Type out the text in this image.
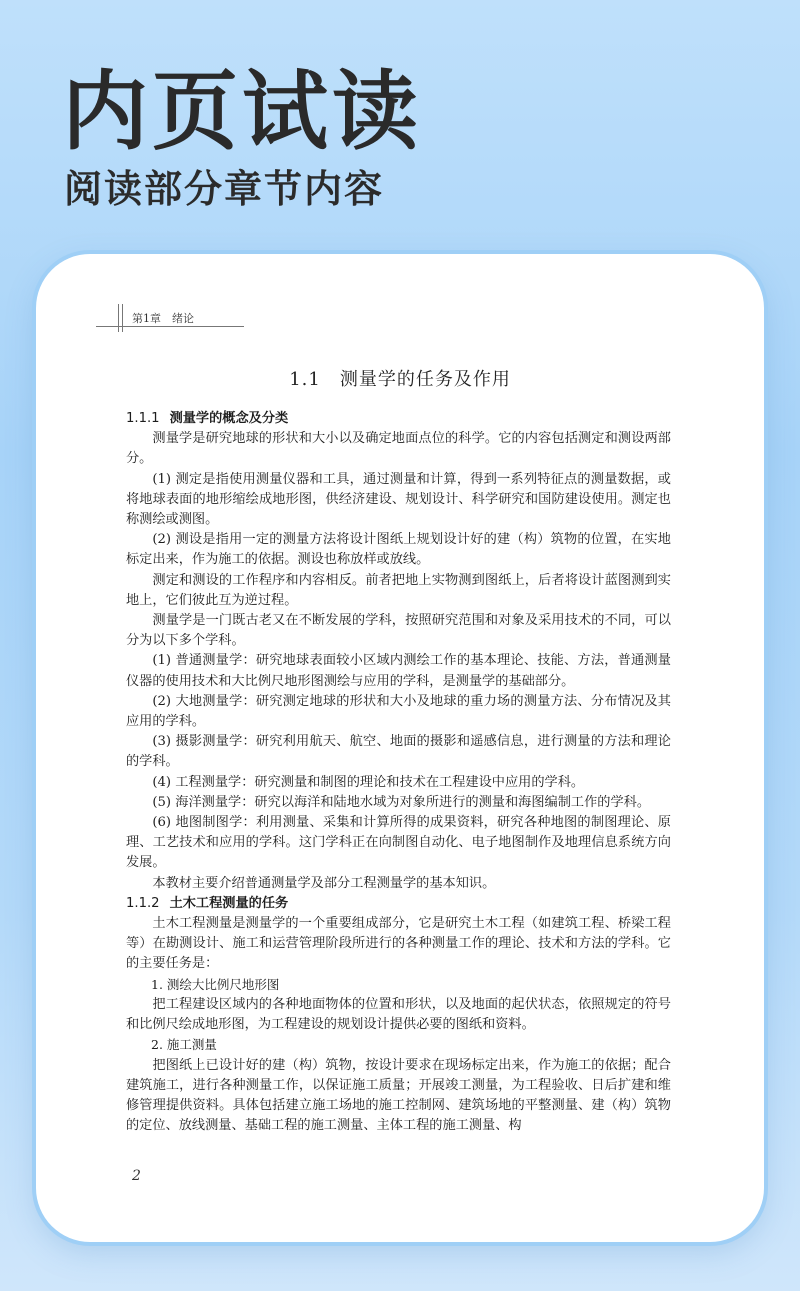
内页试读
阅读部分章节内容
第1章　绪论
1.1　测量学的任务及作用

1.1.1 测量学的概念及分类

测量学是研究地球的形状和大小以及确定地面点位的科学。它的内容包括测定和测设两部分。

(1) 测定是指使用测量仪器和工具，通过测量和计算，得到一系列特征点的测量数据，或将地球表面的地形缩绘成地形图，供经济建设、规划设计、科学研究和国防建设使用。测定也称测绘或测图。

(2) 测设是指用一定的测量方法将设计图纸上规划设计好的建（构）筑物的位置，在实地标定出来，作为施工的依据。测设也称放样或放线。

测定和测设的工作程序和内容相反。前者把地上实物测到图纸上，后者将设计蓝图测到实地上，它们彼此互为逆过程。

测量学是一门既古老又在不断发展的学科，按照研究范围和对象及采用技术的不同，可以分为以下多个学科。

(1) 普通测量学：研究地球表面较小区域内测绘工作的基本理论、技能、方法，普通测量仪器的使用技术和大比例尺地形图测绘与应用的学科，是测量学的基础部分。

(2) 大地测量学：研究测定地球的形状和大小及地球的重力场的测量方法、分布情况及其应用的学科。

(3) 摄影测量学：研究利用航天、航空、地面的摄影和遥感信息，进行测量的方法和理论的学科。

(4) 工程测量学：研究测量和制图的理论和技术在工程建设中应用的学科。

(5) 海洋测量学：研究以海洋和陆地水域为对象所进行的测量和海图编制工作的学科。

(6) 地图制图学：利用测量、采集和计算所得的成果资料，研究各种地图的制图理论、原理、工艺技术和应用的学科。这门学科正在向制图自动化、电子地图制作及地理信息系统方向发展。

本教材主要介绍普通测量学及部分工程测量学的基本知识。

1.1.2 土木工程测量的任务

土木工程测量是测量学的一个重要组成部分，它是研究土木工程（如建筑工程、桥梁工程等）在勘测设计、施工和运营管理阶段所进行的各种测量工作的理论、技术和方法的学科。它的主要任务是：

1. 测绘大比例尺地形图

把工程建设区域内的各种地面物体的位置和形状，以及地面的起伏状态，依照规定的符号和比例尺绘成地形图，为工程建设的规划设计提供必要的图纸和资料。

2. 施工测量

把图纸上已设计好的建（构）筑物，按设计要求在现场标定出来，作为施工的依据；配合建筑施工，进行各种测量工作，以保证施工质量；开展竣工测量，为工程验收、日后扩建和维修管理提供资料。具体包括建立施工场地的施工控制网、建筑场地的平整测量、建（构）筑物的定位、放线测量、基础工程的施工测量、主体工程的施工测量、构

2
